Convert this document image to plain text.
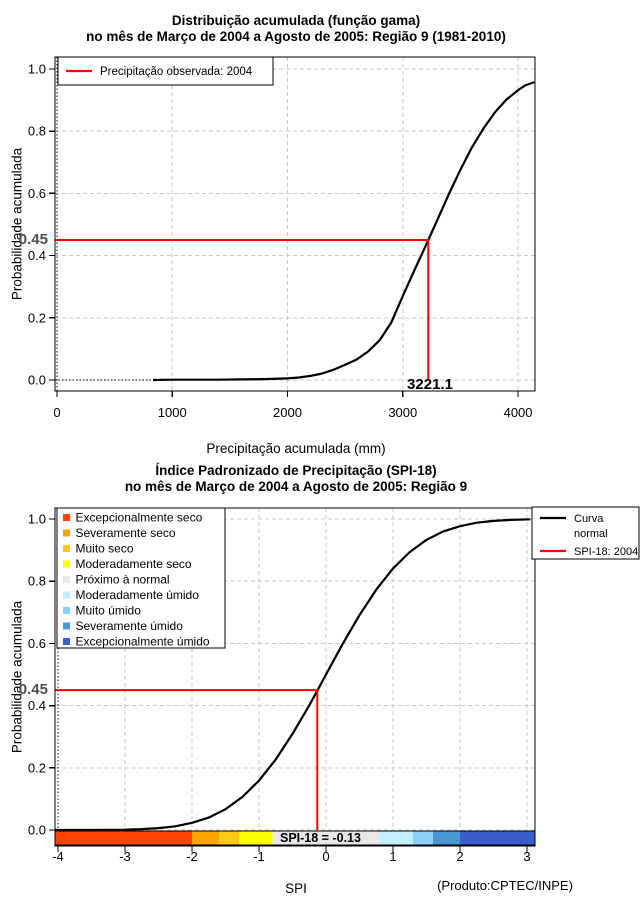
0	1000	2000	3000	4000
0.0
0.2
0.4
0.6
0.8
1.0	Precipitação observada: 2004
-4	-3	-2	-1	0	1	2	3
0.0
0.2
0.4
0.6
0.8
1.0	Curva
normal
SPI-18: 2004
Excepcionalmente seco
Severamente seco
Muito seco
Moderadamente seco
Próximo à normal
Moderadamente úmido
Muito úmido
Severamente úmido
Excepcionalmente úmido
Distribuição acumulada (função gama)
no mês de Março de 2004 a Agosto de 2005: Região 9 (1981-2010)
Precipitação acumulada (mm)
Probabilidade acumulada
0.45
3221.1
Índice Padronizado de Precipitação (SPI-18)
no mês de Março de 2004 a Agosto de 2005: Região 9
SPI
Probabilidade acumulada
0.45
SPI-18 = -0.13
(Produto:CPTEC/INPE)
